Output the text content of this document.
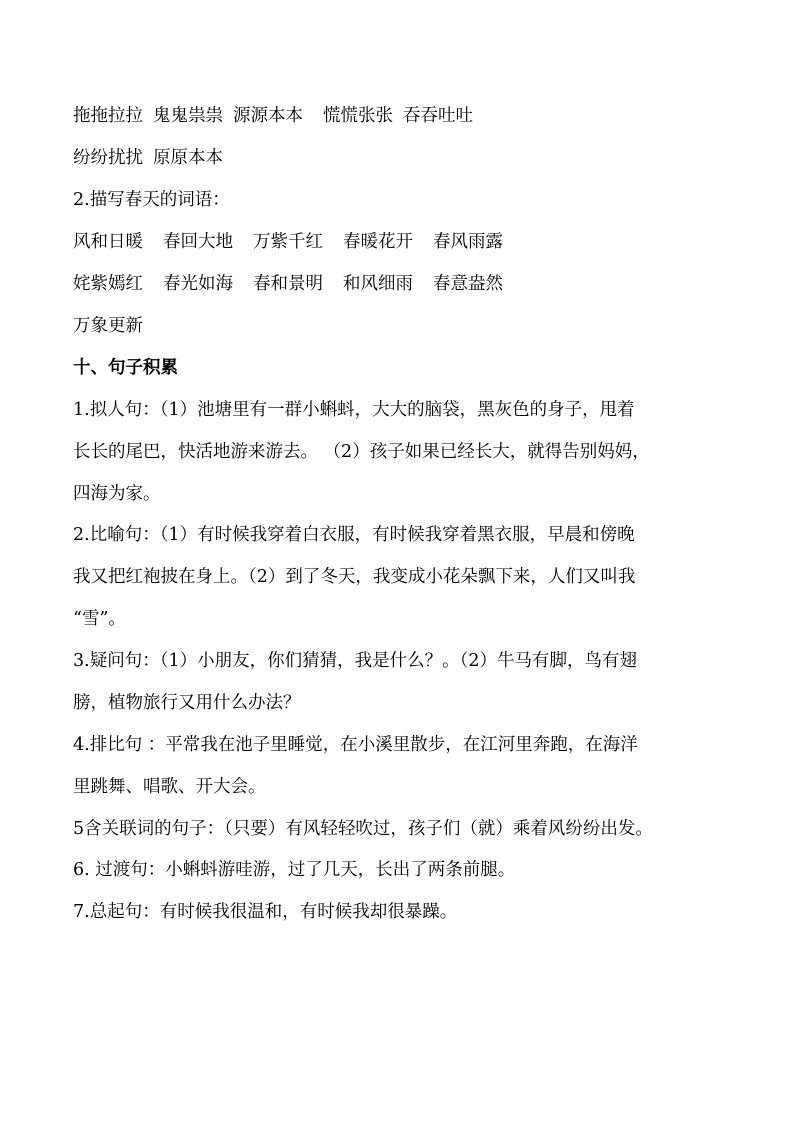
拖拖拉拉 鬼鬼祟祟 源源本本 慌慌张张 吞吞吐吐
纷纷扰扰 原原本本
2.描写春天的词语：
风和日暖 春回大地 万紫千红 春暖花开 春风雨露
姹紫嫣红 春光如海 春和景明 和风细雨 春意盎然
万象更新
十、句子积累
1.拟人句：（1）池塘里有一群小蝌蚪，大大的脑袋，黑灰色的身子，甩着
长长的尾巴，快活地游来游去。 （2）孩子如果已经长大，就得告别妈妈，
四海为家。
2.比喻句：（1）有时候我穿着白衣服，有时候我穿着黑衣服，早晨和傍晚
我又把红袍披在身上。（2）到了冬天，我变成小花朵飘下来，人们又叫我
“雪”。
3.疑问句：（1）小朋友，你们猜猜，我是什么？。（2）牛马有脚，鸟有翅
膀，植物旅行又用什么办法？
4.排比句 ：平常我在池子里睡觉，在小溪里散步，在江河里奔跑，在海洋
里跳舞、唱歌、开大会。
5含关联词的句子：（只要）有风轻轻吹过，孩子们（就）乘着风纷纷出发。
6. 过渡句：小蝌蚪游哇游，过了几天，长出了两条前腿。
7.总起句：有时候我很温和，有时候我却很暴躁。
